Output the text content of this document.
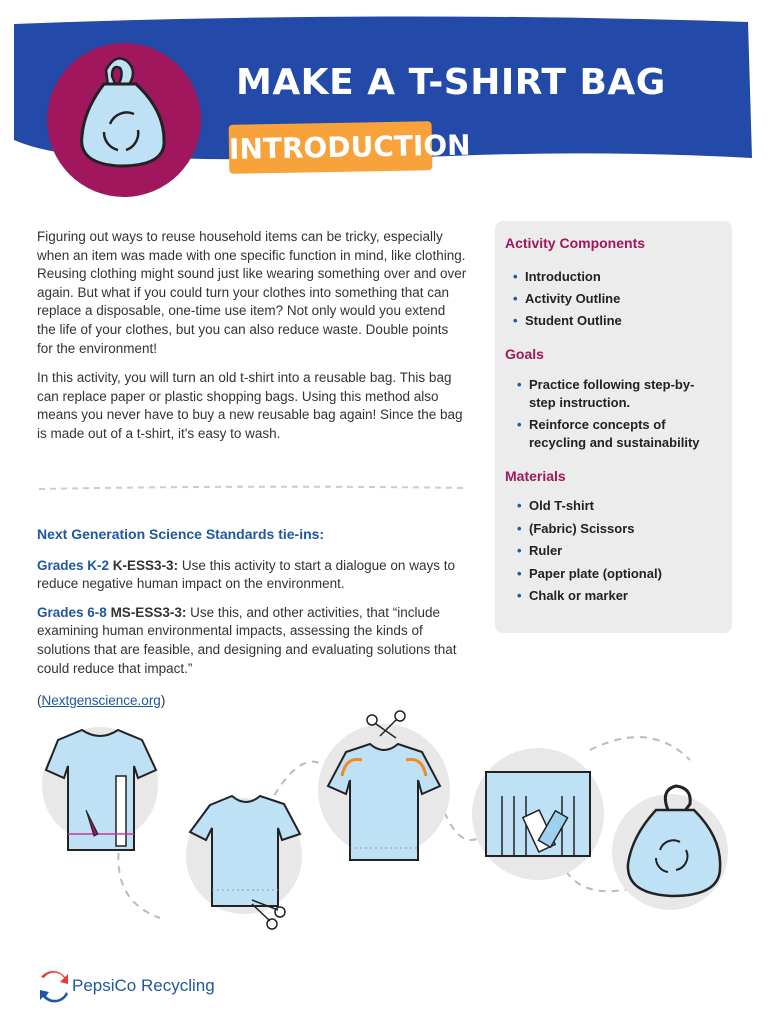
MAKE A T-SHIRT BAG
INTRODUCTION

Figuring out ways to reuse household items can be tricky, especially when an item was made with one specific function in mind, like clothing. Reusing clothing might sound just like wearing something over and over again. But what if you could turn your clothes into something that can replace a disposable, one-time use item? Not only would you extend the life of your clothes, but you can also reduce waste. Double points for the environment!

In this activity, you will turn an old t-shirt into a reusable bag. This bag can replace paper or plastic shopping bags. Using this method also means you never have to buy a new reusable bag again! Since the bag is made out of a t-shirt, it's easy to wash.

Next Generation Science Standards tie-ins:

Grades K-2 K-ESS3-3: Use this activity to start a dialogue on ways to reduce negative human impact on the environment.

Grades 6-8 MS-ESS3-3: Use this, and other activities, that “include examining human environmental impacts, assessing the kinds of solutions that are feasible, and designing and evaluating solutions that could reduce that impact.”

(Nextgenscience.org)

Activity Components
• Introduction
• Activity Outline
• Student Outline
Goals
• Practice following step-by-step instruction.
• Reinforce concepts of recycling and sustainability
Materials
• Old T-shirt
• (Fabric) Scissors
• Ruler
• Paper plate (optional)
• Chalk or marker
PepsiCo Recycling
